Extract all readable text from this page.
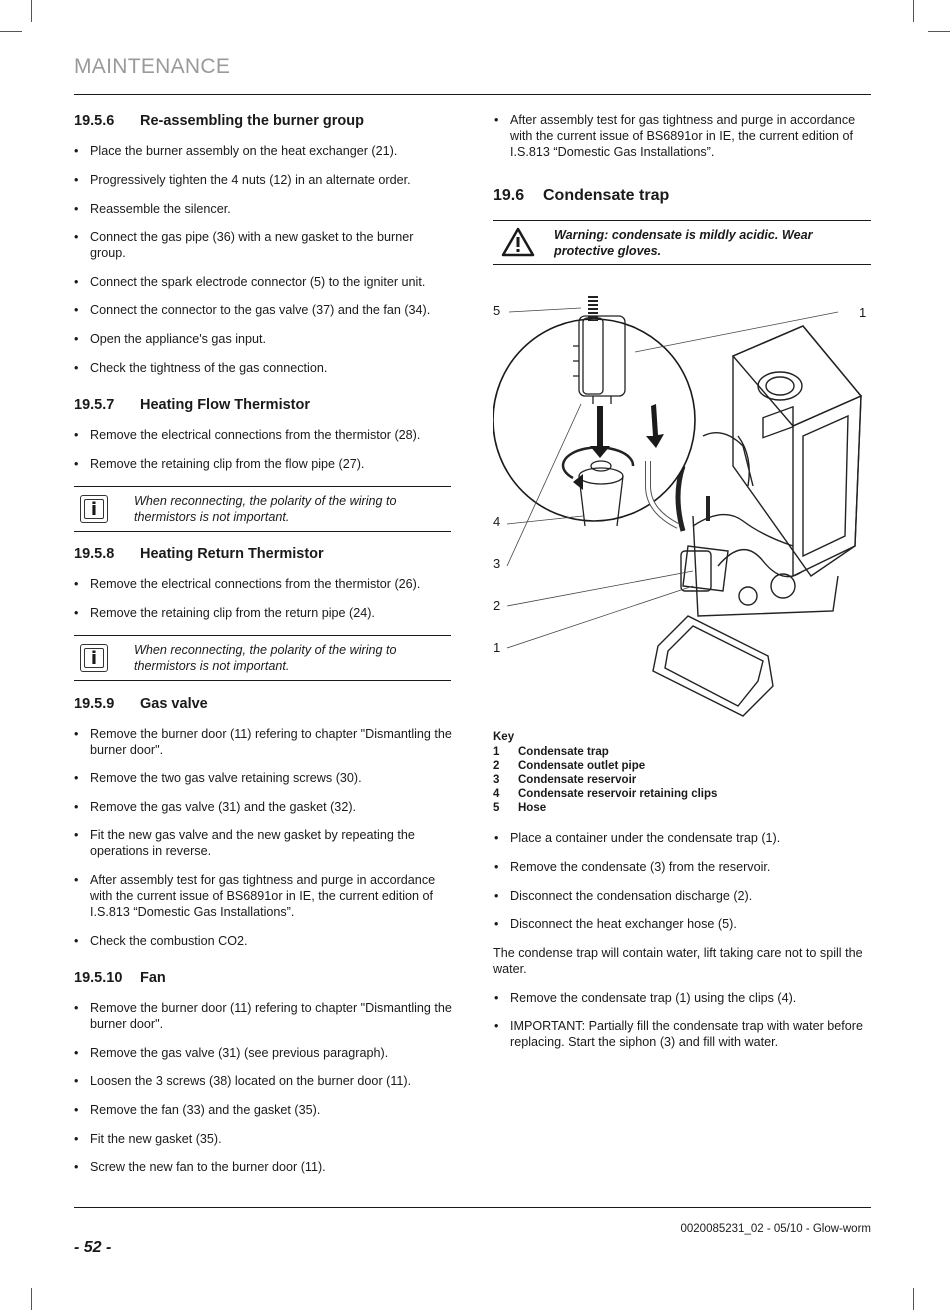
MAINTENANCE
19.5.6 Re-assembling the burner group
• Place the burner assembly on the heat exchanger (21).
• Progressively tighten the 4 nuts (12) in an alternate order.
• Reassemble the silencer.
• Connect the gas pipe (36) with a new gasket to the burner group.
• Connect the spark electrode connector (5) to the igniter unit.
• Connect the connector to the gas valve (37) and the fan (34).
• Open the appliance's gas input.
• Check the tightness of the gas connection.
19.5.7 Heating Flow Thermistor
• Remove the electrical connections from the thermistor (28).
• Remove the retaining clip from the flow pipe (27).
i	When reconnecting, the polarity of the wiring to thermistors is not important.
19.5.8 Heating Return Thermistor
• Remove the electrical connections from the thermistor (26).
• Remove the retaining clip from the return pipe (24).
i	When reconnecting, the polarity of the wiring to thermistors is not important.
19.5.9 Gas valve
• Remove the burner door (11) refering to chapter "Dismantling the burner door".
• Remove the two gas valve retaining screws (30).
• Remove the gas valve (31) and the gasket (32).
• Fit the new gas valve and the new gasket by repeating the operations in reverse.
• After assembly test for gas tightness and purge in accordance with the current issue of BS6891or in IE, the current edition of I.S.813 “Domestic Gas Installations”.
• Check the combustion CO2.
19.5.10 Fan
• Remove the burner door (11) refering to chapter "Dismantling the burner door".
• Remove the gas valve (31) (see previous paragraph).
• Loosen the 3 screws (38) located on the burner door (11).
• Remove the fan (33) and the gasket (35).
• Fit the new gasket (35).
• Screw the new fan to the burner door (11).
• After assembly test for gas tightness and purge in accordance with the current issue of BS6891or in IE, the current edition of I.S.813 “Domestic Gas Installations”.
19.6 Condensate trap
Warning: condensate is mildly acidic. Wear protective gloves.
5	1
4
3
2
1
Key
1 Condensate trap
2 Condensate outlet pipe
3 Condensate reservoir
4 Condensate reservoir retaining clips
5 Hose
• Place a container under the condensate trap (1).
• Remove the condensate (3) from the reservoir.
• Disconnect the condensation discharge (2).
• Disconnect the heat exchanger hose (5).
The condense trap will contain water, lift taking care not to spill the water.
• Remove the condensate trap (1) using the clips (4).
• IMPORTANT: Partially fill the condensate trap with water before replacing. Start the siphon (3) and fill with water.
0020085231_02 - 05/10 - Glow-worm
- 52 -
